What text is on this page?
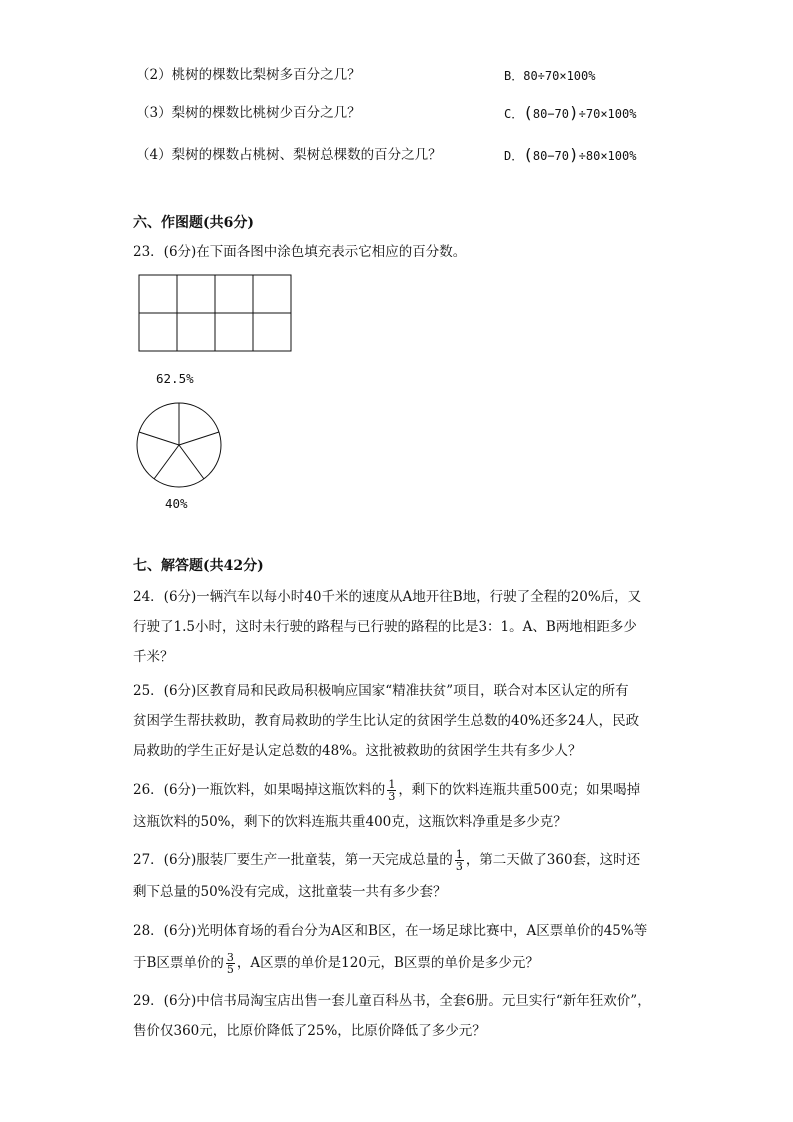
（2）桃树的棵数比梨树多百分之几？	B．80÷70×100%
（3）梨树的棵数比桃树少百分之几？	C．(80−70)÷70×100%
（4）梨树的棵数占桃树、梨树总棵数的百分之几？	D．(80−70)÷80×100%
六、作图题(共6分)
23．(6分)在下面各图中涂色填充表示它相应的百分数。
62.5%
40%
七、解答题(共42分)
24．(6分)一辆汽车以每小时40千米的速度从A地开往B地，行驶了全程的20%后，又
行驶了1.5小时，这时未行驶的路程与已行驶的路程的比是3：1。A、B两地相距多少
千米？
25．(6分)区教育局和民政局积极响应国家“精准扶贫”项目，联合对本区认定的所有
贫困学生帮扶救助，教育局救助的学生比认定的贫困学生总数的40%还多24人，民政
局救助的学生正好是认定总数的48%。这批被救助的贫困学生共有多少人？
26．(6分)一瓶饮料，如果喝掉这瓶饮料的 $\frac{1}{3}$ ，剩下的饮料连瓶共重500克；如果喝掉
这瓶饮料的50%，剩下的饮料连瓶共重400克，这瓶饮料净重是多少克？
27．(6分)服装厂要生产一批童装，第一天完成总量的 $\frac{1}{3}$ ，第二天做了360套，这时还
剩下总量的50%没有完成，这批童装一共有多少套？
28．(6分)光明体育场的看台分为A区和B区，在一场足球比赛中，A区票单价的45%等
于B区票单价的 $\frac{3}{5}$ ，A区票的单价是120元，B区票的单价是多少元？
29．(6分)中信书局淘宝店出售一套儿童百科丛书，全套6册。元旦实行“新年狂欢价”，
售价仅360元，比原价降低了25%，比原价降低了多少元？
